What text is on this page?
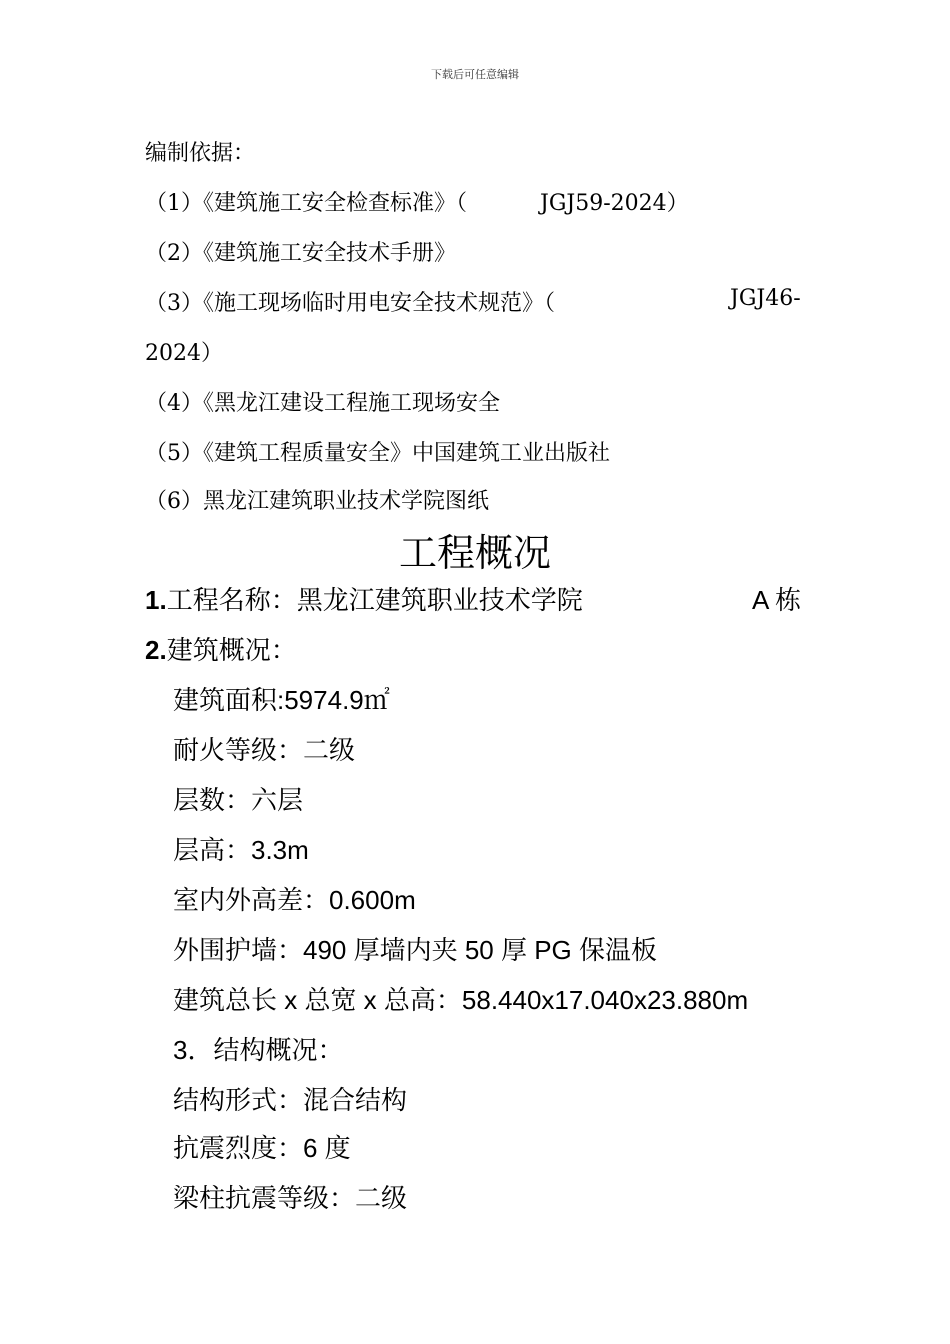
下载后可任意编辑
编制依据：
（1）《建筑施工安全检查标准》（	JGJ59-2024）
（2）《建筑施工安全技术手册》
（3）《施工现场临时用电安全技术规范》（	JGJ46-
2024）
（4）《黑龙江建设工程施工现场安全
（5）《建筑工程质量安全》中国建筑工业出版社
（6）黑龙江建筑职业技术学院图纸
工程概况
1.工程名称：黑龙江建筑职业技术学院	A 栋
2.建筑概况：
建筑面积:5974.9㎡
耐火等级：二级
层数：六层
层高：3.3m
室内外高差：0.600m
外围护墙：490 厚墙内夹 50 厚 PG 保温板
建筑总长 x 总宽 x 总高：58.440x17.040x23.880m
3．结构概况：
结构形式：混合结构
抗震烈度：6 度
梁柱抗震等级：二级
